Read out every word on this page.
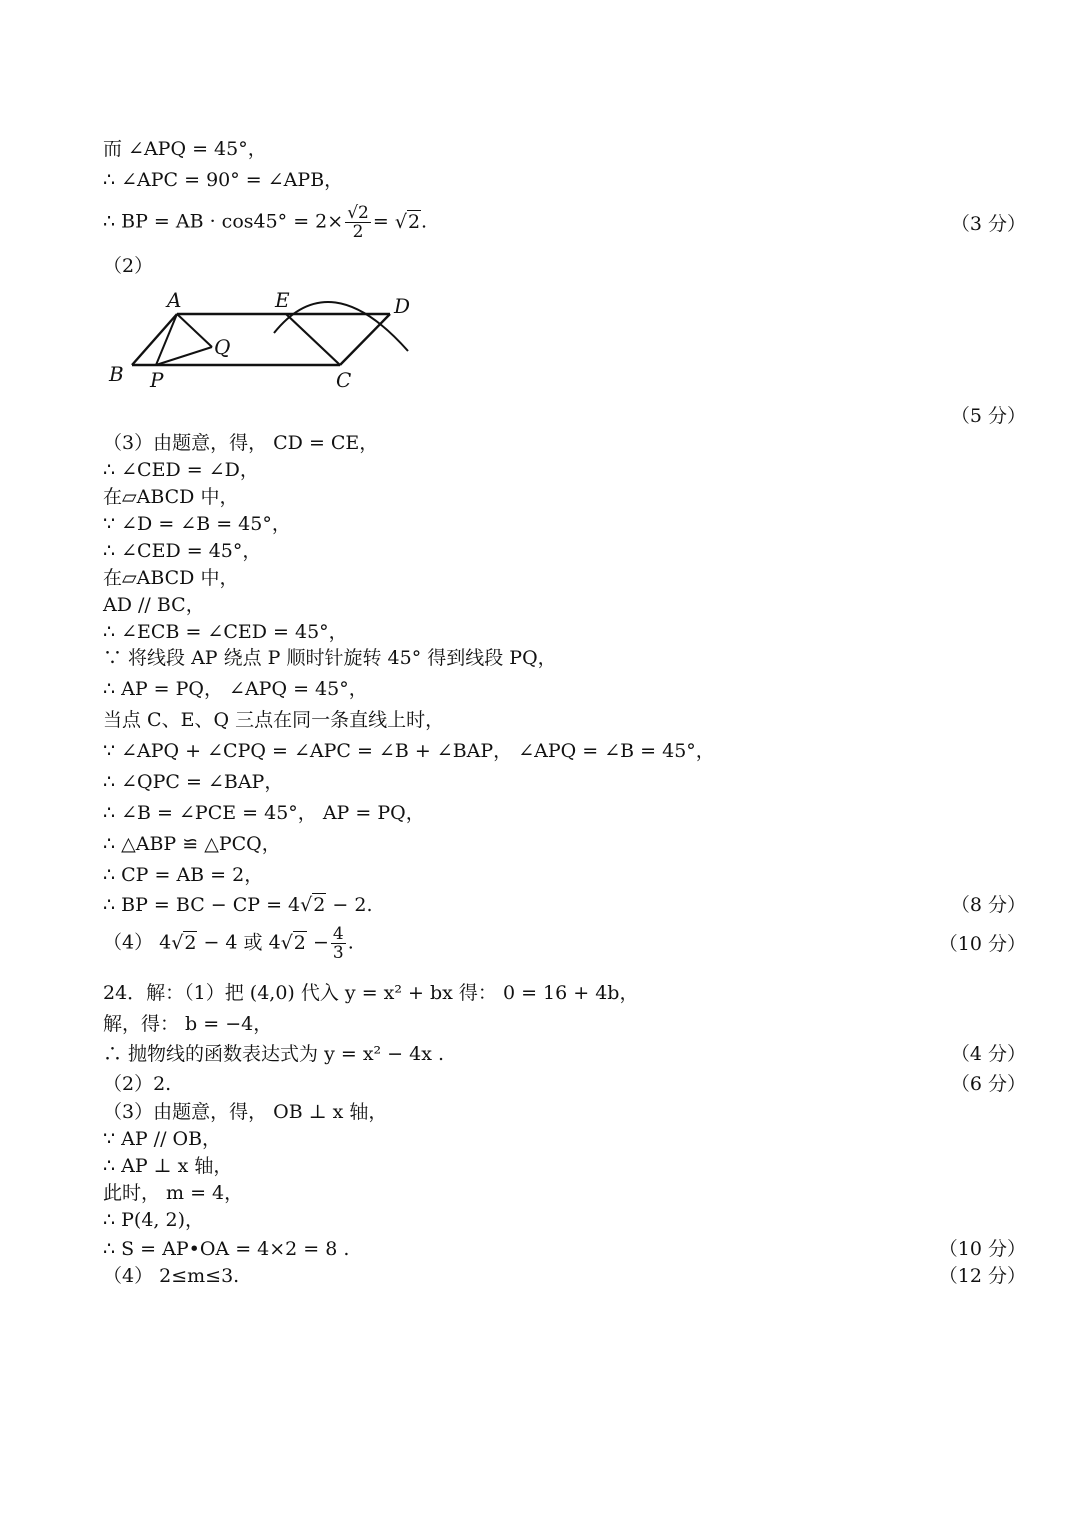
而 ∠APQ = 45°，
∴ ∠APC = 90° = ∠APB，
∴ BP = AB · $\cos 45^\circ = 2\times \frac{√2}{2} = √2$.	（3 分）
（2）
A	E	D
Q
B P	C
（5 分）
（3）由题意，得， CD = CE，
∴ ∠CED = ∠D，
在▱ABCD 中，
∵ ∠D = ∠B = 45°，
∴ ∠CED = 45°，
在▱ABCD 中，
AD // BC，
∴ ∠ECB = ∠CED = 45°，
∵ 将线段 AP 绕点 P 顺时针旋转 45° 得到线段 PQ，
∴ AP = PQ， ∠APQ = 45°，
当点 C、E、Q 三点在同一条直线上时，
∵ ∠APQ + ∠CPQ = ∠APC = ∠B + ∠BAP， ∠APQ = ∠B = 45°，
∴ ∠QPC = ∠BAP，
∴ ∠B = ∠PCE = 45°， AP = PQ，
∴ △ABP ≌ △PCQ，
∴ CP = AB = 2，
∴ BP = BC − CP = 4√2 − 2.	（8 分）
（4） 4√2 − 4 或 $4√2 - \frac{4}{3}$ .	（10 分）
24．解：（1）把 (4,0) 代入 y = x² + bx 得： 0 = 16 + 4b，
解，得： b = −4，
∴ 抛物线的函数表达式为 y = x² − 4x .	（4 分）
（2）2.	（6 分）
（3）由题意，得， OB ⊥ x 轴，
∵ AP // OB，
∴ AP ⊥ x 轴，
此时， m = 4，
∴ P(4, 2)，
∴ S = AP•OA = 4×2 = 8 .	（10 分）
（4） 2≤m≤3.	（12 分）
